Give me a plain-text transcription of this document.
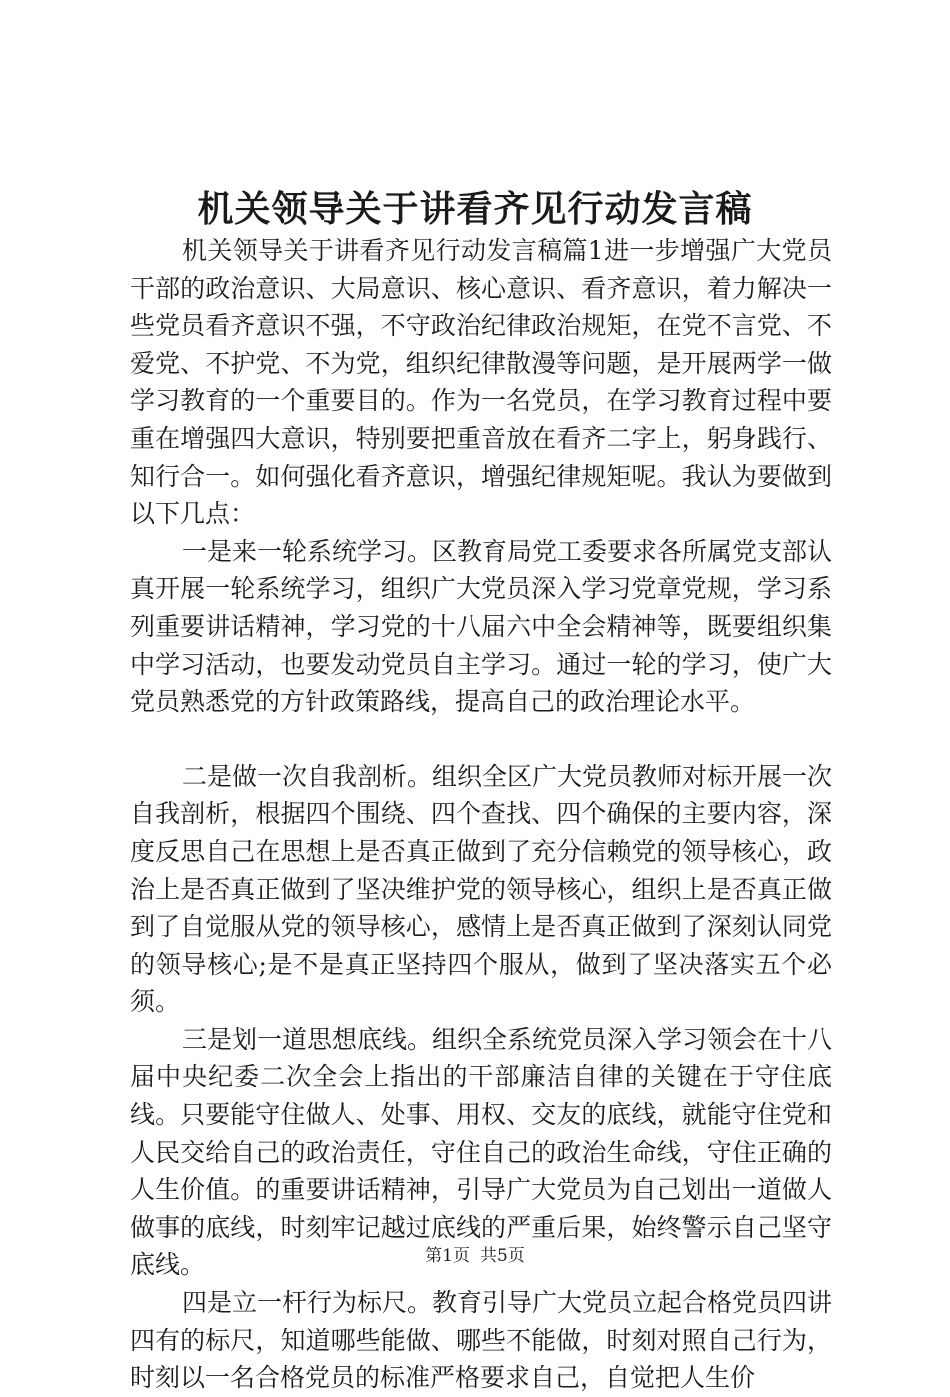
机关领导关于讲看齐见行动发言稿

机关领导关于讲看齐见行动发言稿篇1进一步增强广大党员干部的政治意识、大局意识、核心意识、看齐意识，着力解决一些党员看齐意识不强，不守政治纪律政治规矩，在党不言党、不爱党、不护党、不为党，组织纪律散漫等问题，是开展两学一做学习教育的一个重要目的。作为一名党员，在学习教育过程中要重在增强四大意识，特别要把重音放在看齐二字上，躬身践行、知行合一。如何强化看齐意识，增强纪律规矩呢。我认为要做到以下几点：

一是来一轮系统学习。区教育局党工委要求各所属党支部认真开展一轮系统学习，组织广大党员深入学习党章党规，学习系列重要讲话精神，学习党的十八届六中全会精神等，既要组织集中学习活动，也要发动党员自主学习。通过一轮的学习，使广大党员熟悉党的方针政策路线，提高自己的政治理论水平。

二是做一次自我剖析。组织全区广大党员教师对标开展一次自我剖析，根据四个围绕、四个查找、四个确保的主要内容，深度反思自己在思想上是否真正做到了充分信赖党的领导核心，政治上是否真正做到了坚决维护党的领导核心，组织上是否真正做到了自觉服从党的领导核心，感情上是否真正做到了深刻认同党的领导核心;是不是真正坚持四个服从，做到了坚决落实五个必须。

三是划一道思想底线。组织全系统党员深入学习领会在十八届中央纪委二次全会上指出的干部廉洁自律的关键在于守住底线。只要能守住做人、处事、用权、交友的底线，就能守住党和人民交给自己的政治责任，守住自己的政治生命线，守住正确的人生价值。的重要讲话精神，引导广大党员为自己划出一道做人做事的底线，时刻牢记越过底线的严重后果，始终警示自己坚守底线。

四是立一杆行为标尺。教育引导广大党员立起合格党员四讲四有的标尺，知道哪些能做、哪些不能做，时刻对照自己行为，时刻以一名合格党员的标准严格要求自己，自觉把人生价

第1页 共5页
